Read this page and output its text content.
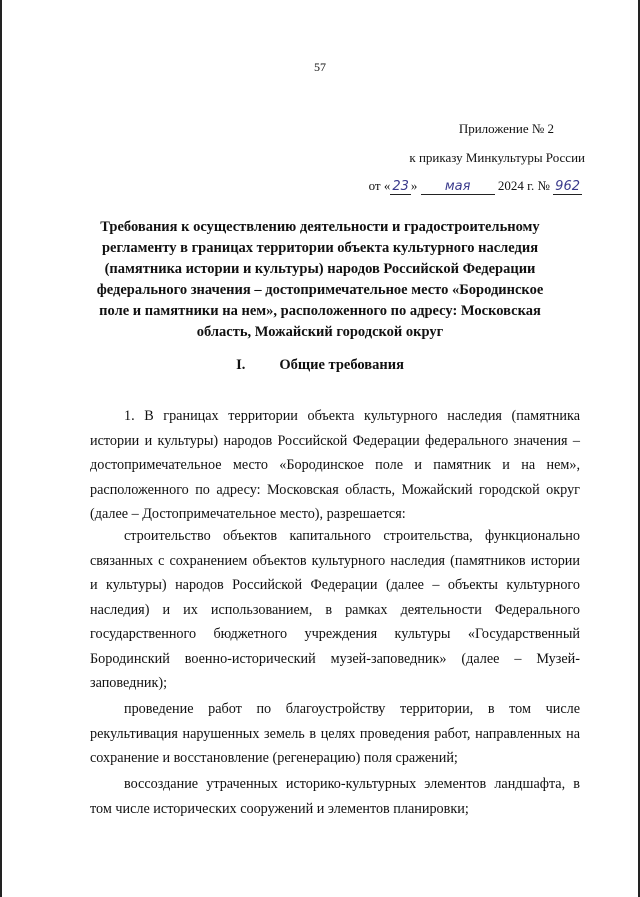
57
Приложение № 2
к приказу Минкультуры России
от « 23 » мая 2024 г. № 962
Требования к осуществлению деятельности и градостроительному регламенту в границах территории объекта культурного наследия (памятника истории и культуры) народов Российской Федерации федерального значения – достопримечательное место «Бородинское поле и памятники на нем», расположенного по адресу: Московская область, Можайский городской округ
I. Общие требования
1. В границах территории объекта культурного наследия (памятника истории и культуры) народов Российской Федерации федерального значения – достопримечательное место «Бородинское поле и памятник и на нем», расположенного по адресу: Московская область, Можайский городской округ (далее – Достопримечательное место), разрешается:
строительство объектов капитального строительства, функционально связанных с сохранением объектов культурного наследия (памятников истории и культуры) народов Российской Федерации (далее – объекты культурного наследия) и их использованием, в рамках деятельности Федерального государственного бюджетного учреждения культуры «Государственный Бородинский военно-исторический музей-заповедник» (далее – Музей-заповедник);
проведение работ по благоустройству территории, в том числе рекультивация нарушенных земель в целях проведения работ, направленных на сохранение и восстановление (регенерацию) поля сражений;
воссоздание утраченных историко-культурных элементов ландшафта, в том числе исторических сооружений и элементов планировки;
